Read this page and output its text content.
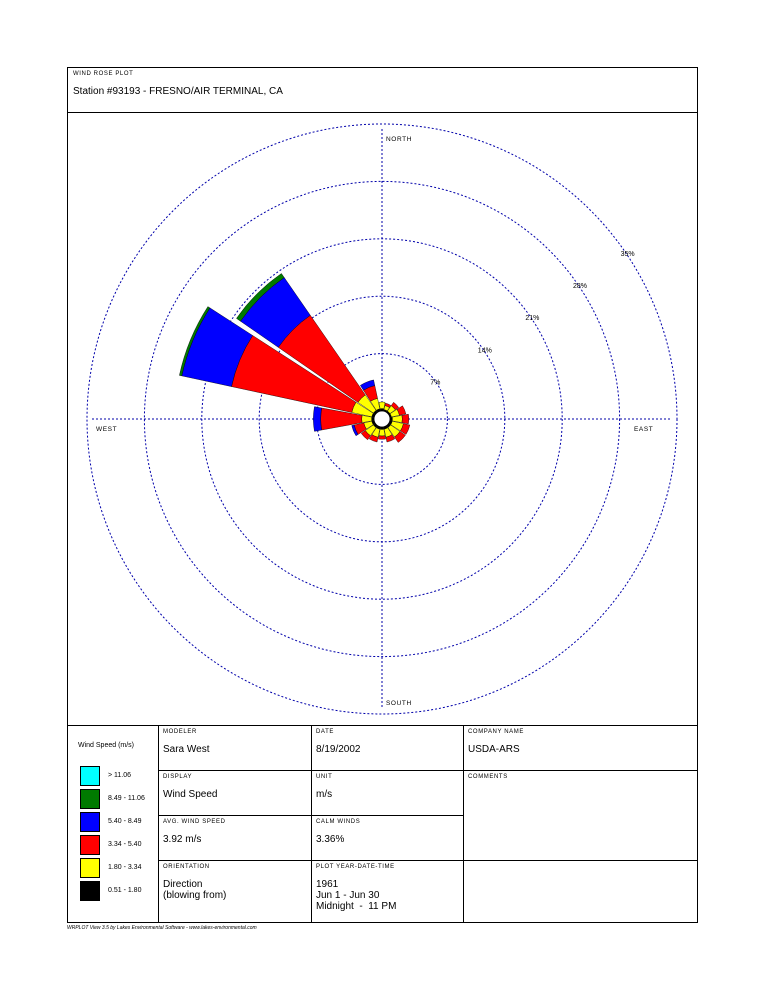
WIND ROSE PLOT
Station #93193 - FRESNO/AIR TERMINAL, CA
7%
14%
21%
28%
35%
NORTH
SOUTH
EAST
WEST
Wind Speed (m/s)
> 11.06
8.49 - 11.06
5.40 - 8.49
3.34 - 5.40
1.80 - 3.34
0.51 - 1.80
MODELER
Sara West
DATE
8/19/2002
COMPANY NAME
USDA-ARS
DISPLAY
Wind Speed
UNIT
m/s
COMMENTS
AVG. WIND SPEED
3.92 m/s
CALM WINDS
3.36%
ORIENTATION
Direction
(blowing from)
PLOT YEAR-DATE-TIME
1961
Jun 1 - Jun 30
Midnight  -  11 PM
WRPLOT View 3.5 by Lakes Environmental Software - www.lakes-environmental.com
